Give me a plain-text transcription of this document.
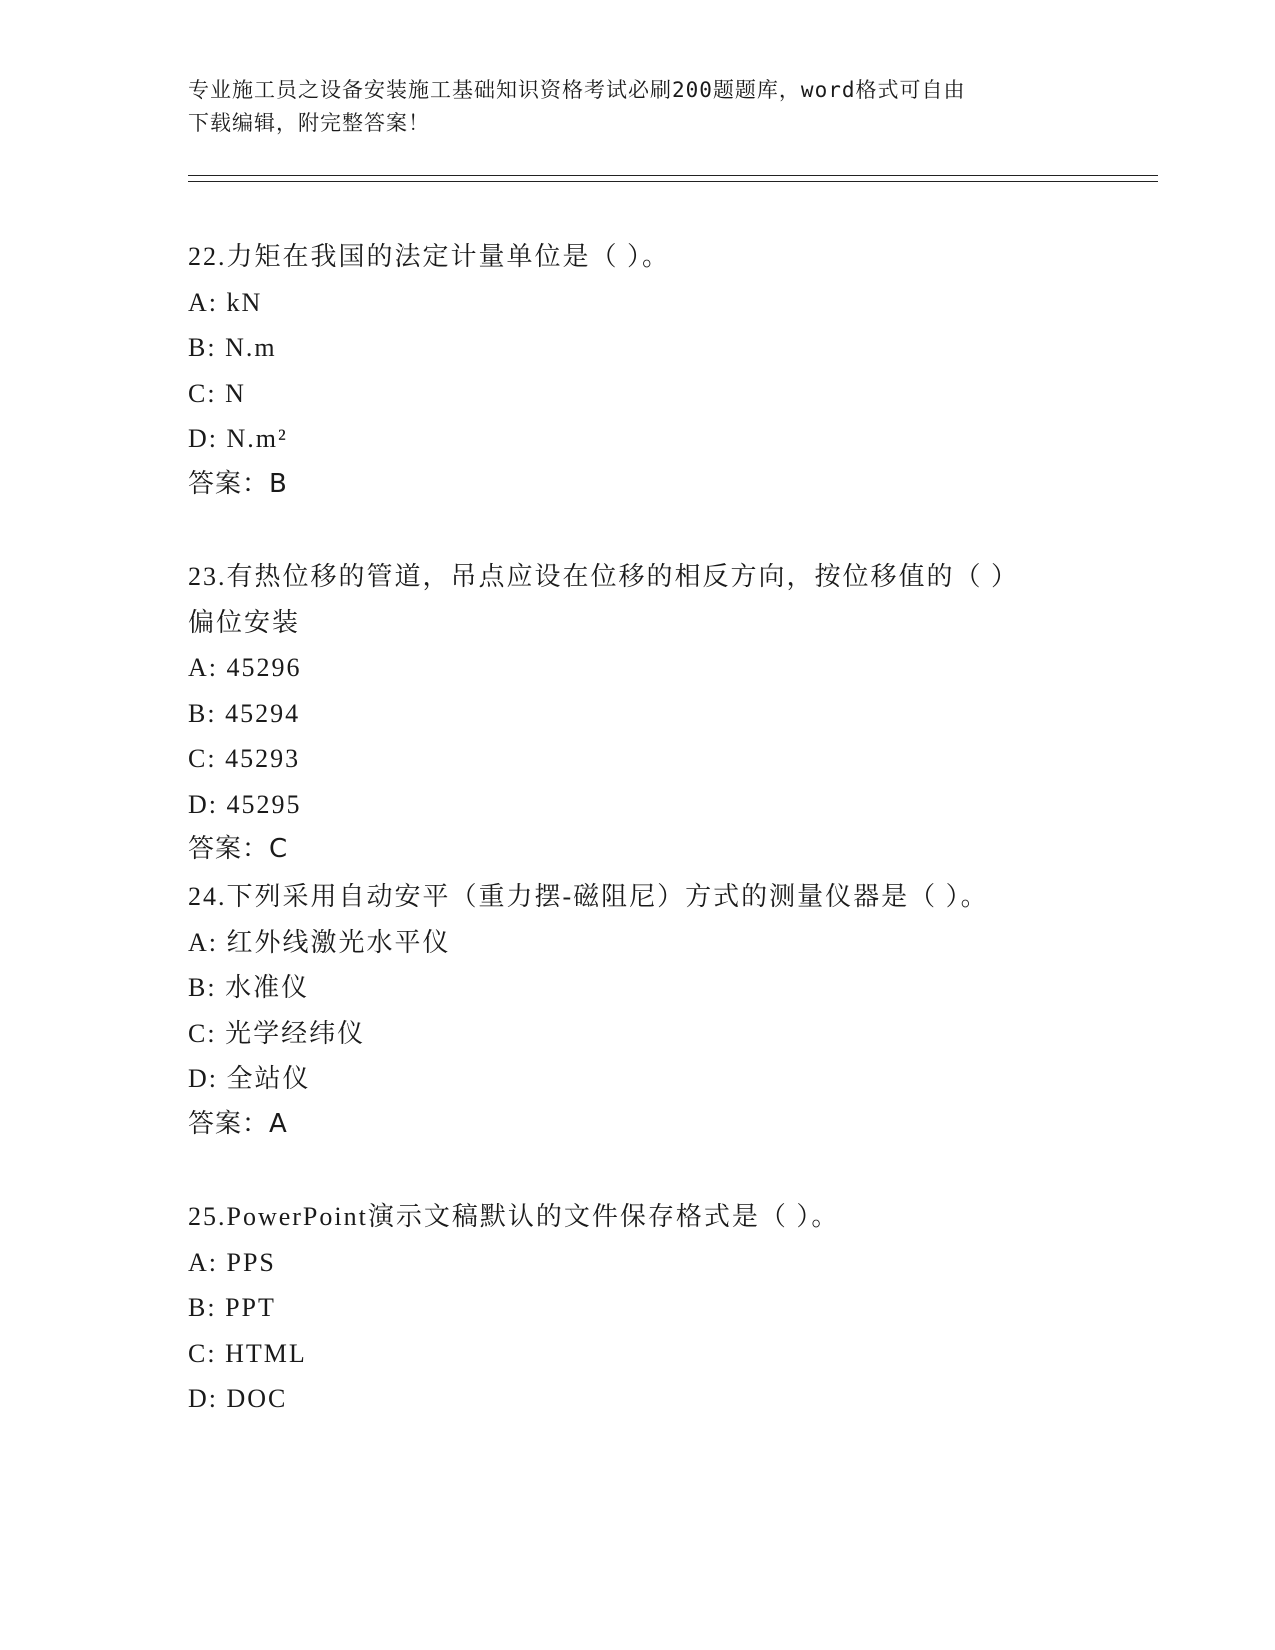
专业施工员之设备安装施工基础知识资格考试必刷200题题库，word格式可自由
下载编辑，附完整答案！
22.力矩在我国的法定计量单位是（ ）。
A: kN
B: N.m
C: N
D: N.m²
答案：B
23.有热位移的管道，吊点应设在位移的相反方向，按位移值的（ ）
偏位安装
A: 45296
B: 45294
C: 45293
D: 45295
答案：C
24.下列采用自动安平（重力摆-磁阻尼）方式的测量仪器是（ ）。
A: 红外线激光水平仪
B: 水准仪
C: 光学经纬仪
D: 全站仪
答案：A
25.PowerPoint演示文稿默认的文件保存格式是（ ）。
A: PPS
B: PPT
C: HTML
D: DOC
